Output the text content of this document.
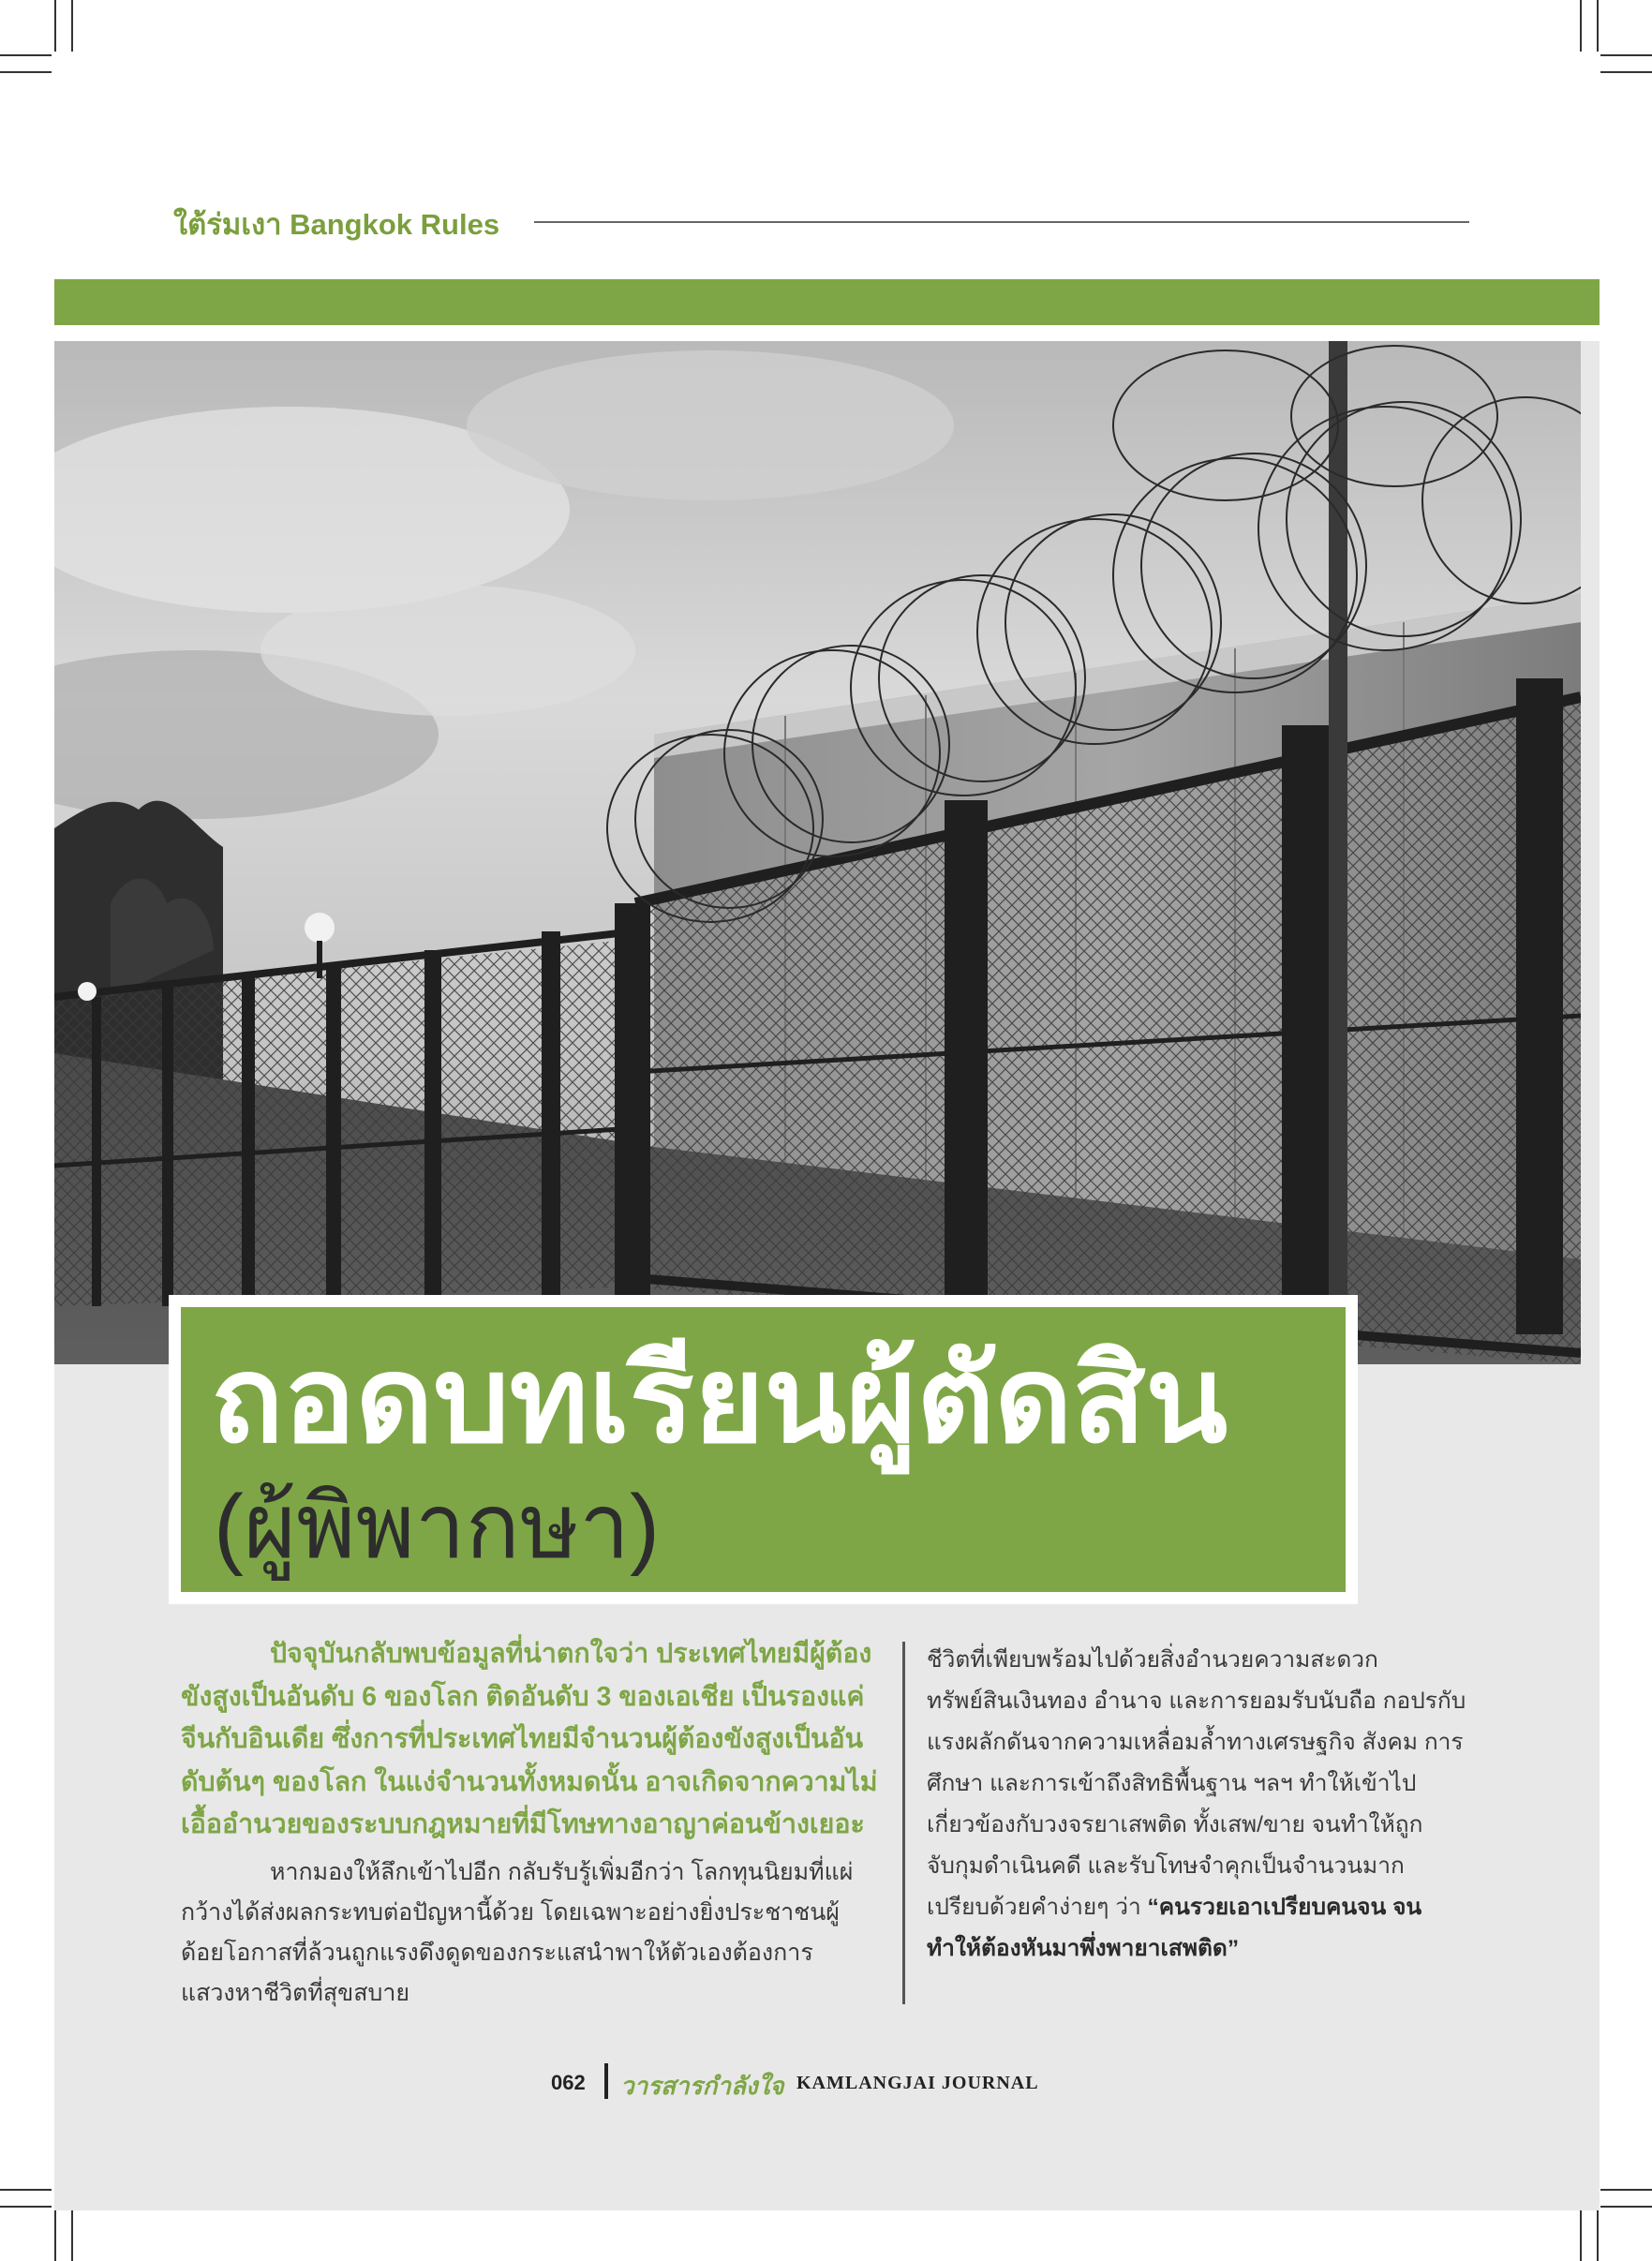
ใต้ร่มเงา Bangkok Rules
ถอดบทเรียนผู้ตัดสิน
(ผู้พิพากษา)

ปัจจุบันกลับพบข้อมูลที่น่าตกใจว่า ประเทศไทยมีผู้ต้องขังสูงเป็นอันดับ 6 ของโลก ติดอันดับ 3 ของเอเชีย เป็นรองแค่จีนกับอินเดีย ซึ่งการที่ประเทศไทยมีจำนวนผู้ต้องขังสูงเป็นอันดับต้นๆ ของโลก ในแง่จำนวนทั้งหมดนั้น อาจเกิดจากความไม่เอื้ออำนวยของระบบกฎหมายที่มีโทษทางอาญาค่อนข้างเยอะ

หากมองให้ลึกเข้าไปอีก กลับรับรู้เพิ่มอีกว่า โลกทุนนิยมที่แผ่กว้างได้ส่งผลกระทบต่อปัญหานี้ด้วย โดยเฉพาะอย่างยิ่งประชาชนผู้ด้อยโอกาสที่ล้วนถูกแรงดึงดูดของกระแสนำพาให้ตัวเองต้องการแสวงหาชีวิตที่สุขสบาย

ชีวิตที่เพียบพร้อมไปด้วยสิ่งอำนวยความสะดวก ทรัพย์สินเงินทอง อำนาจ และการยอมรับนับถือ กอปรกับแรงผลักดันจากความเหลื่อมล้ำทางเศรษฐกิจ สังคม การศึกษา และการเข้าถึงสิทธิพื้นฐาน ฯลฯ ทำให้เข้าไปเกี่ยวข้องกับวงจรยาเสพติด ทั้งเสพ/ขาย จนทำให้ถูกจับกุมดำเนินคดี และรับโทษจำคุกเป็นจำนวนมาก เปรียบด้วยคำง่ายๆ ว่า “คนรวยเอาเปรียบคนจน จนทำให้ต้องหันมาพึ่งพายาเสพติด”

062 วารสารกำลังใจ KAMLANGJAI JOURNAL
